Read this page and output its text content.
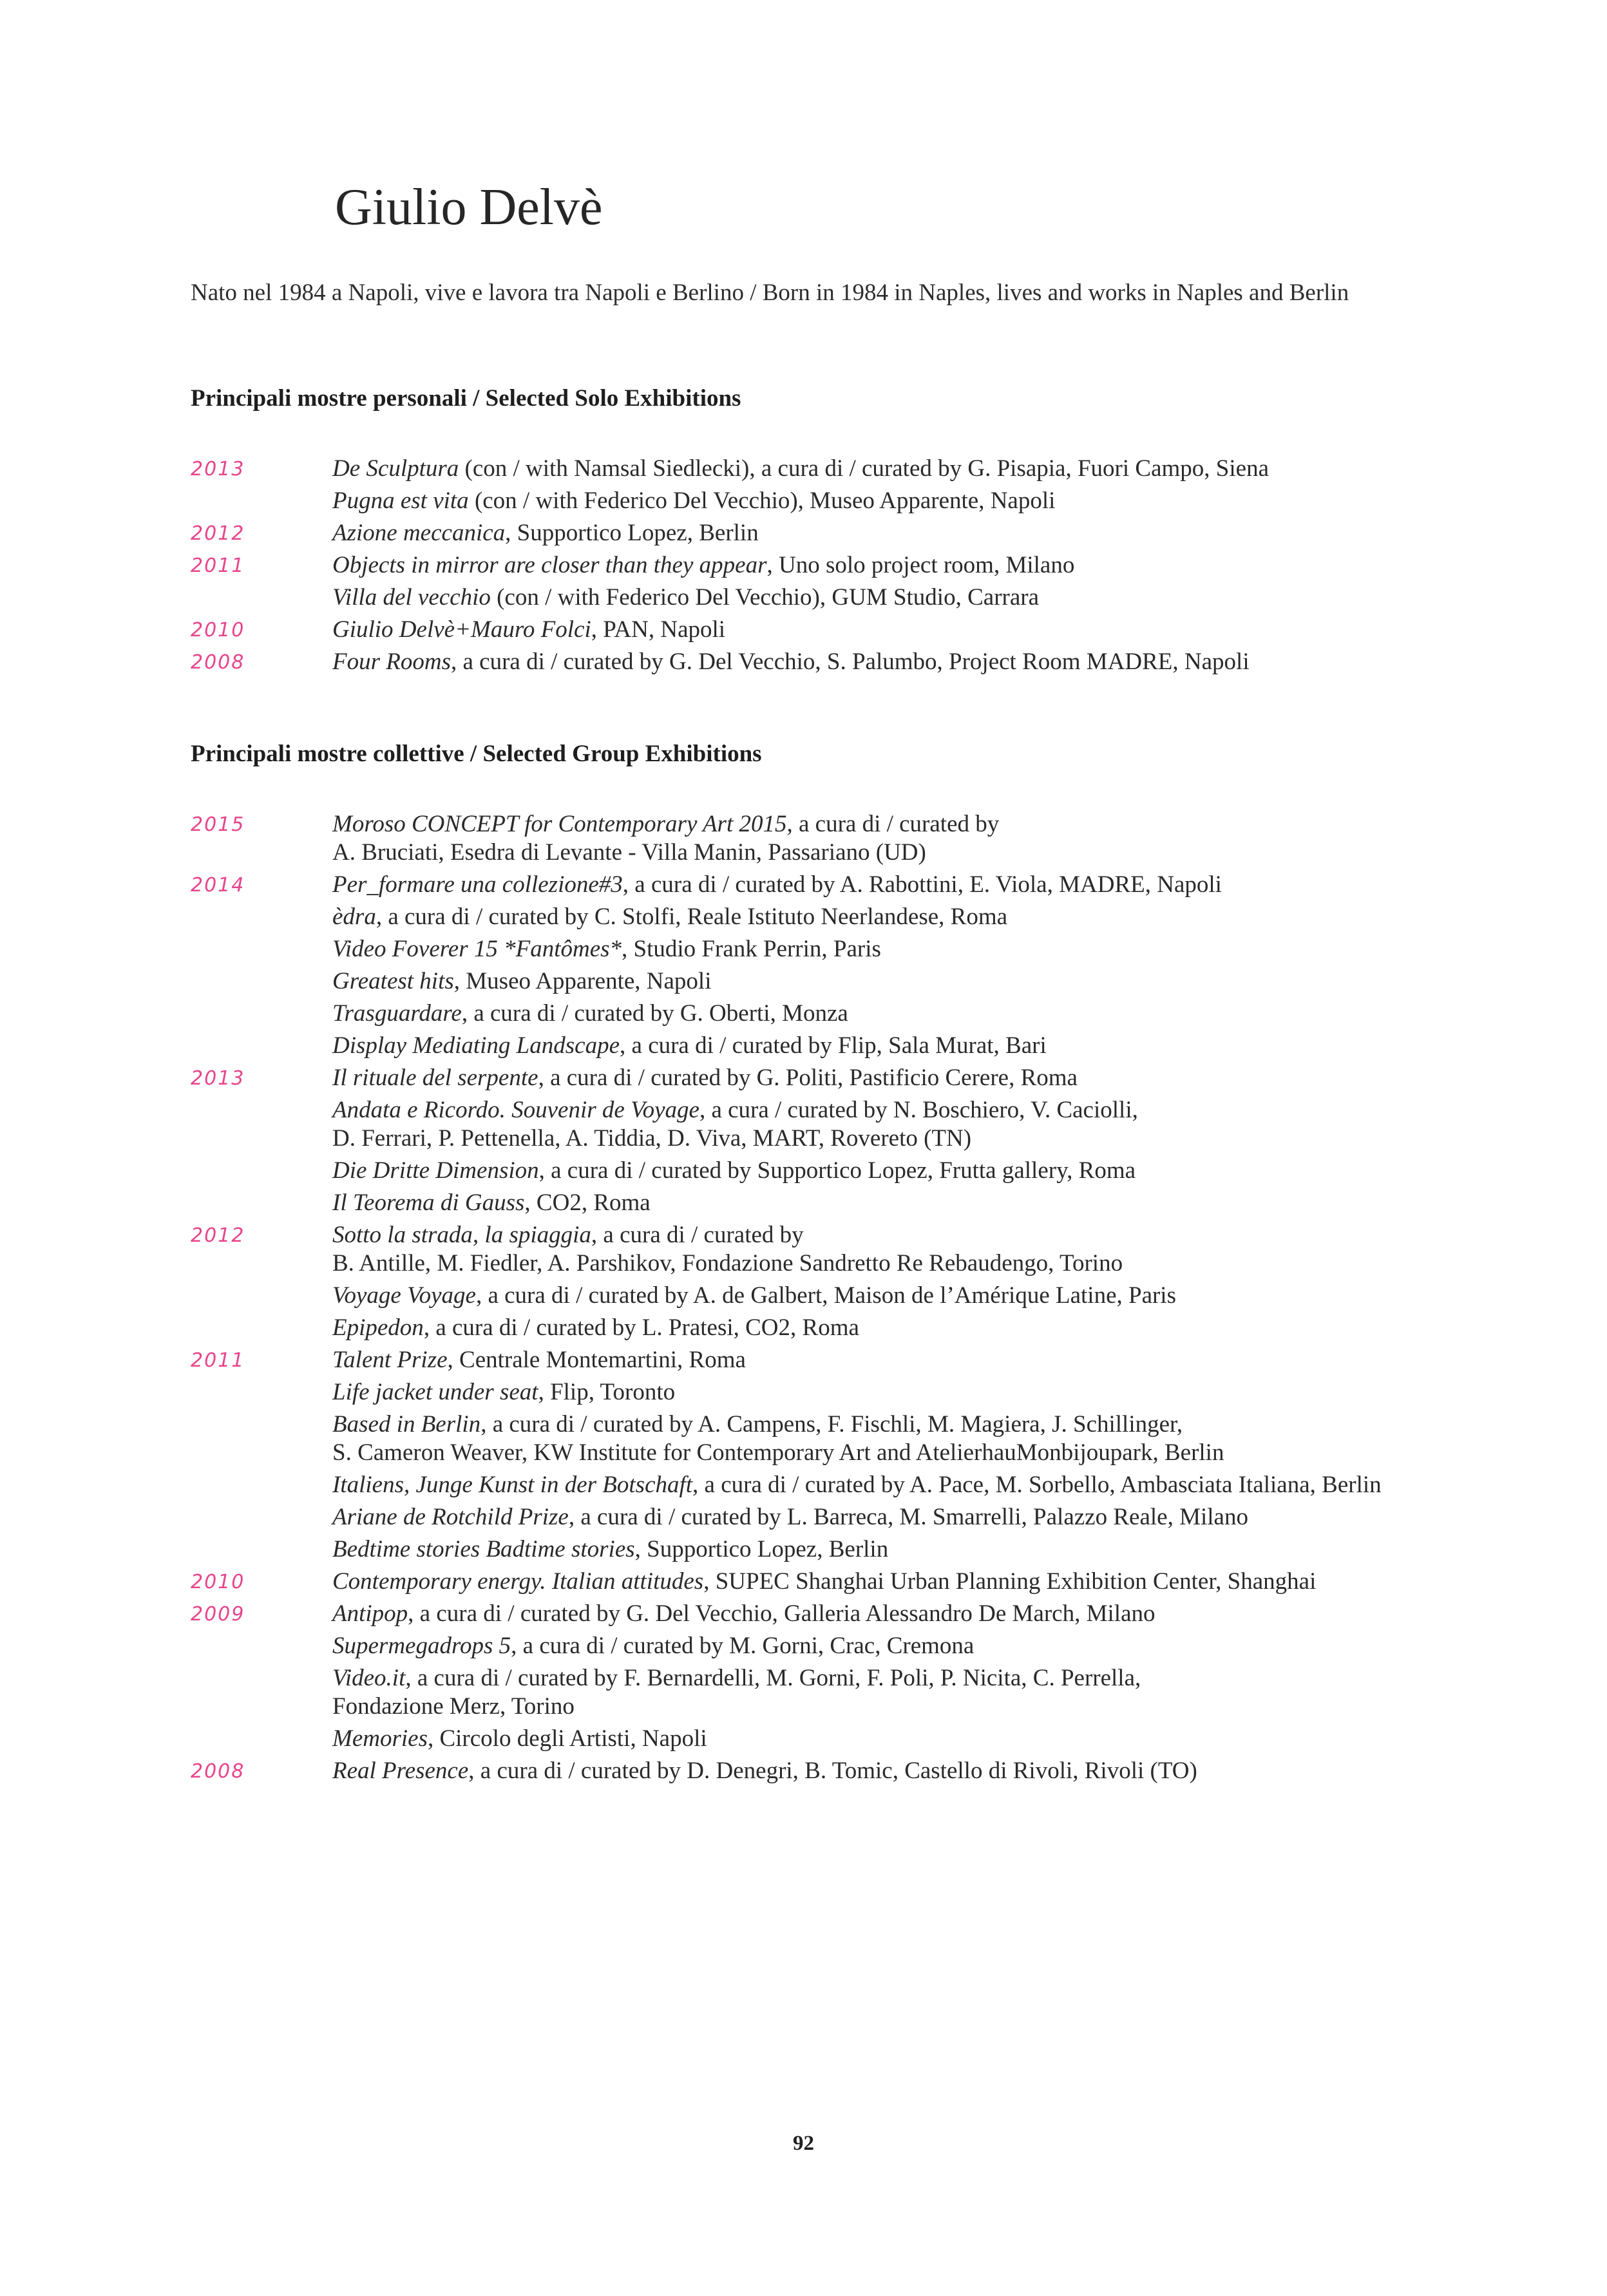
Giulio Delvè
Nato nel 1984 a Napoli, vive e lavora tra Napoli e Berlino / Born in 1984 in Naples, lives and works in Naples and Berlin
Principali mostre personali / Selected Solo Exhibitions
2013	De Sculptura (con / with Namsal Siedlecki), a cura di / curated by G. Pisapia, Fuori Campo, Siena
Pugna est vita (con / with Federico Del Vecchio), Museo Apparente, Napoli
2012	Azione meccanica, Supportico Lopez, Berlin
2011	Objects in mirror are closer than they appear, Uno solo project room, Milano
Villa del vecchio (con / with Federico Del Vecchio), GUM Studio, Carrara
2010	Giulio Delvè+Mauro Folci, PAN, Napoli
2008	Four Rooms, a cura di / curated by G. Del Vecchio, S. Palumbo, Project Room MADRE, Napoli
Principali mostre collettive / Selected Group Exhibitions
2015	Moroso CONCEPT for Contemporary Art 2015, a cura di / curated by
A. Bruciati, Esedra di Levante - Villa Manin, Passariano (UD)
2014	Per_formare una collezione#3, a cura di / curated by A. Rabottini, E. Viola, MADRE, Napoli
èdra, a cura di / curated by C. Stolfi, Reale Istituto Neerlandese, Roma
Video Foverer 15 *Fantômes*, Studio Frank Perrin, Paris
Greatest hits, Museo Apparente, Napoli
Trasguardare, a cura di / curated by G. Oberti, Monza
Display Mediating Landscape, a cura di / curated by Flip, Sala Murat, Bari
2013	Il rituale del serpente, a cura di / curated by G. Politi, Pastificio Cerere, Roma
Andata e Ricordo. Souvenir de Voyage, a cura / curated by N. Boschiero, V. Caciolli,
D. Ferrari, P. Pettenella, A. Tiddia, D. Viva, MART, Rovereto (TN)
Die Dritte Dimension, a cura di / curated by Supportico Lopez, Frutta gallery, Roma
Il Teorema di Gauss, CO2, Roma
2012	Sotto la strada, la spiaggia, a cura di / curated by
B. Antille, M. Fiedler, A. Parshikov, Fondazione Sandretto Re Rebaudengo, Torino
Voyage Voyage, a cura di / curated by A. de Galbert, Maison de l’Amérique Latine, Paris
Epipedon, a cura di / curated by L. Pratesi, CO2, Roma
2011	Talent Prize, Centrale Montemartini, Roma
Life jacket under seat, Flip, Toronto
Based in Berlin, a cura di / curated by A. Campens, F. Fischli, M. Magiera, J. Schillinger,
S. Cameron Weaver, KW Institute for Contemporary Art and AtelierhauMonbijoupark, Berlin
Italiens, Junge Kunst in der Botschaft, a cura di / curated by A. Pace, M. Sorbello, Ambasciata Italiana, Berlin
Ariane de Rotchild Prize, a cura di / curated by L. Barreca, M. Smarrelli, Palazzo Reale, Milano
Bedtime stories Badtime stories, Supportico Lopez, Berlin
2010	Contemporary energy. Italian attitudes, SUPEC Shanghai Urban Planning Exhibition Center, Shanghai
2009	Antipop, a cura di / curated by G. Del Vecchio, Galleria Alessandro De March, Milano
Supermegadrops 5, a cura di / curated by M. Gorni, Crac, Cremona
Video.it, a cura di / curated by F. Bernardelli, M. Gorni, F. Poli, P. Nicita, C. Perrella,
Fondazione Merz, Torino
Memories, Circolo degli Artisti, Napoli
2008	Real Presence, a cura di / curated by D. Denegri, B. Tomic, Castello di Rivoli, Rivoli (TO)
92
